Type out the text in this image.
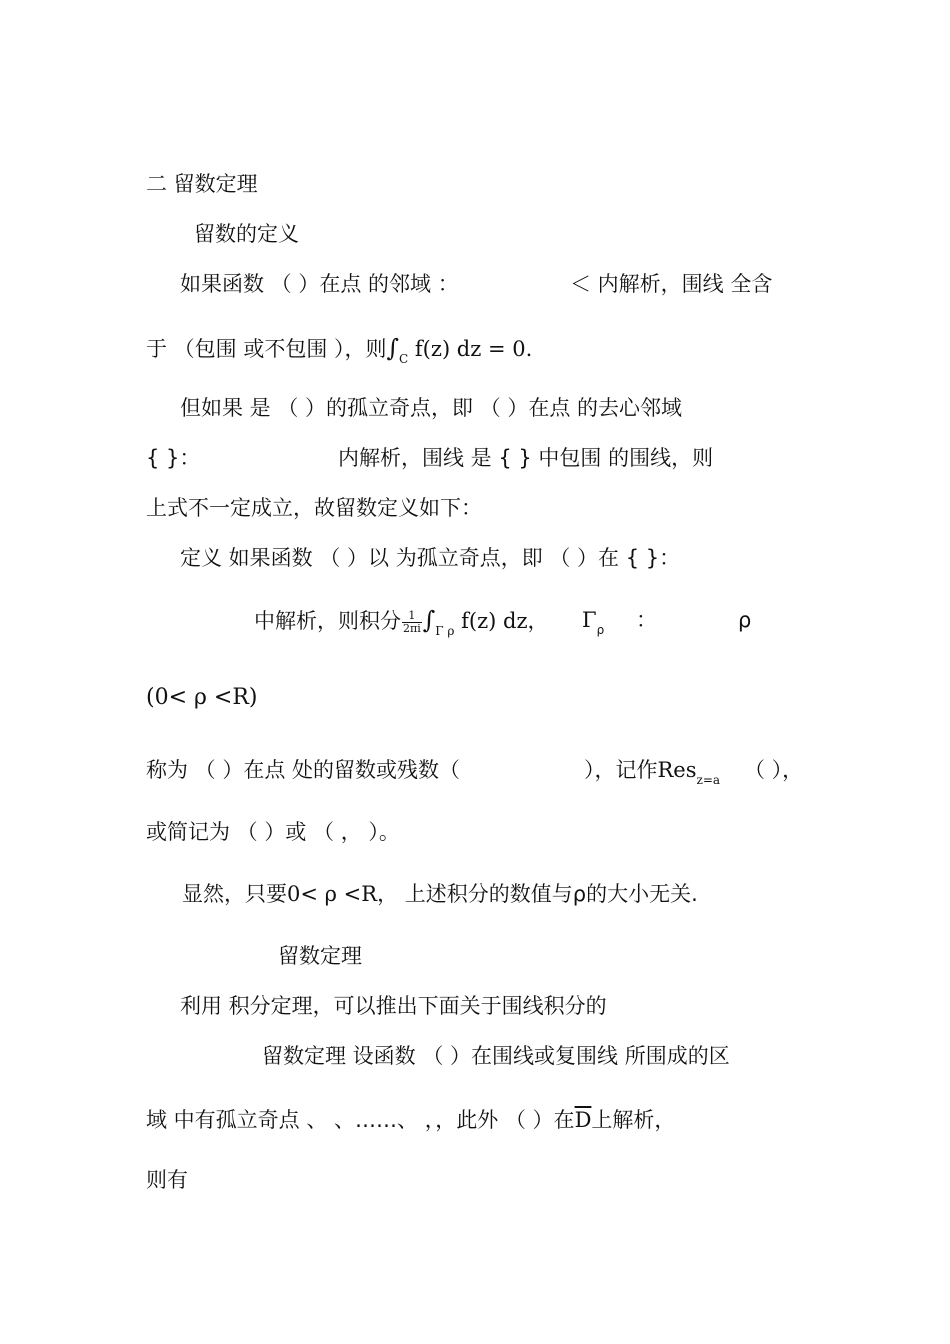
二 留数定理
留数的定义
如果函数 （ ）在点 的邻域 ：	＜ 内解析，围线 全含
于 （包围 或不包围 ），则$\int_C$ f(z) dz = 0.
但如果 是 （ ）的孤立奇点，即 （ ）在点 的去心邻域
{ }：	内解析，围线 是 { } 中包围 的围线，则
上式不一定成立，故留数定义如下：
定义 如果函数 （ ）以 为孤立奇点，即 （ ）在 { }：
中解析，则积分 $\frac{1}{2\pi i} \int_{\Gamma \rho}$ f(z) dz， $\Gamma_\rho$ ：	ρ
(0< ρ <R)
称为 （ ）在点 处的留数或残数（	），记作Res$_{z=a}$ （ ），
或简记为 （ ）或 （ ， ）。
显然，只要0< ρ <R， 上述积分的数值与ρ的大小无关.
留数定理
利用 积分定理，可以推出下面关于围线积分的
留数定理 设函数 （ ）在围线或复围线 所围成的区
域 中有孤立奇点 、 、……、 ，，此外 （ ）在$\overline{D}$上解析，
则有
